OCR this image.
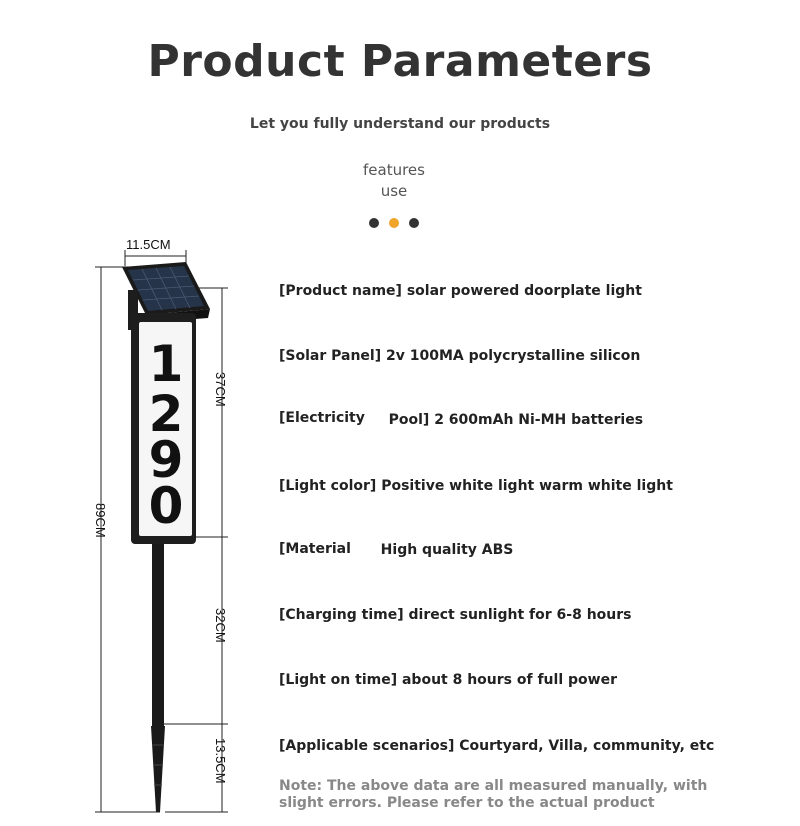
Product Parameters
Let you fully understand our products
features
use
1
2
9
0
11.5CM
89CM
37CM
32CM
13.5CM
[Product name] solar powered doorplate light
[Solar Panel] 2v 100MA polycrystalline silicon
[Electricity Pool] 2 600mAh Ni-MH batteries
[Light color] Positive white light warm white light
[Material High quality ABS
[Charging time] direct sunlight for 6-8 hours
[Light on time] about 8 hours of full power
[Applicable scenarios] Courtyard, Villa, community, etc
Note: The above data are all measured manually, with slight errors. Please refer to the actual product
